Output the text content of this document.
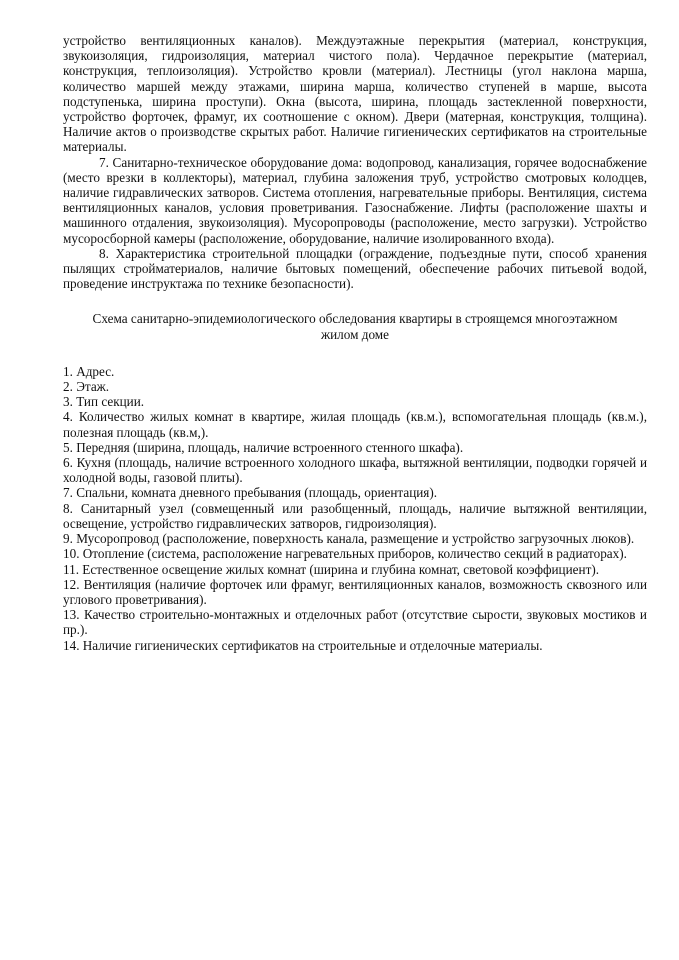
устройство вентиляционных каналов). Междуэтажные перекрытия (материал, конструкция, звукоизоляция, гидроизоляция, материал чистого пола). Чердачное перекрытие (материал, конструкция, теплоизоляция). Устройство кровли (материал). Лестницы (угол наклона марша, количество маршей между этажами, ширина марша, количество ступеней в марше, высота подступенька, ширина проступи). Окна (высота, ширина, площадь застекленной поверхности, устройство форточек, фрамуг, их соотношение с окном). Двери (матерная, конструкция, толщина). Наличие актов о производстве скрытых работ. Наличие гигиенических сертификатов на строительные материалы.

7. Санитарно-техническое оборудование дома: водопровод, канализация, горячее водоснабжение (место врезки в коллекторы), материал, глубина заложения труб, устройство смотровых колодцев, наличие гидравлических затворов. Система отопления, нагревательные приборы. Вентиляция, система вентиляционных каналов, условия проветривания. Газоснабжение. Лифты (расположение шахты и машинного отдаления, звукоизоляция). Мусоропроводы (расположение, место загрузки). Устройство мусоросборной камеры (расположение, оборудование, наличие изолированного входа).

8. Характеристика строительной площадки (ограждение, подъездные пути, способ хранения пылящих стройматериалов, наличие бытовых помещений, обеспечение рабочих питьевой водой, проведение инструктажа по технике безопасности).

Схема санитарно-эпидемиологического обследования квартиры в строящемся многоэтажном жилом доме

1. Адрес.
2. Этаж.
3. Тип секции.
4. Количество жилых комнат в квартире, жилая площадь (кв.м.), вспомогательная площадь (кв.м.), полезная площадь (кв.м,).
5. Передняя (ширина, площадь, наличие встроенного стенного шкафа).
6. Кухня (площадь, наличие встроенного холодного шкафа, вытяжной вентиляции, подводки горячей и холодной воды, газовой плиты).
7. Спальни, комната дневного пребывания (площадь, ориентация).
8. Санитарный узел (совмещенный или разобщенный, площадь, наличие вытяжной вентиляции, освещение, устройство гидравлических затворов, гидроизоляция).
9. Мусоропровод (расположение, поверхность канала, размещение и устройство загрузочных люков).
10. Отопление (система, расположение нагревательных приборов, количество секций в радиаторах).
11. Естественное освещение жилых комнат (ширина и глубина комнат, световой коэффициент).
12. Вентиляция (наличие форточек или фрамуг, вентиляционных каналов, возможность сквозного или углового проветривания).
13. Качество строительно-монтажных и отделочных работ (отсутствие сырости, звуковых мостиков и пр.).
14. Наличие гигиенических сертификатов на строительные и отделочные материалы.
